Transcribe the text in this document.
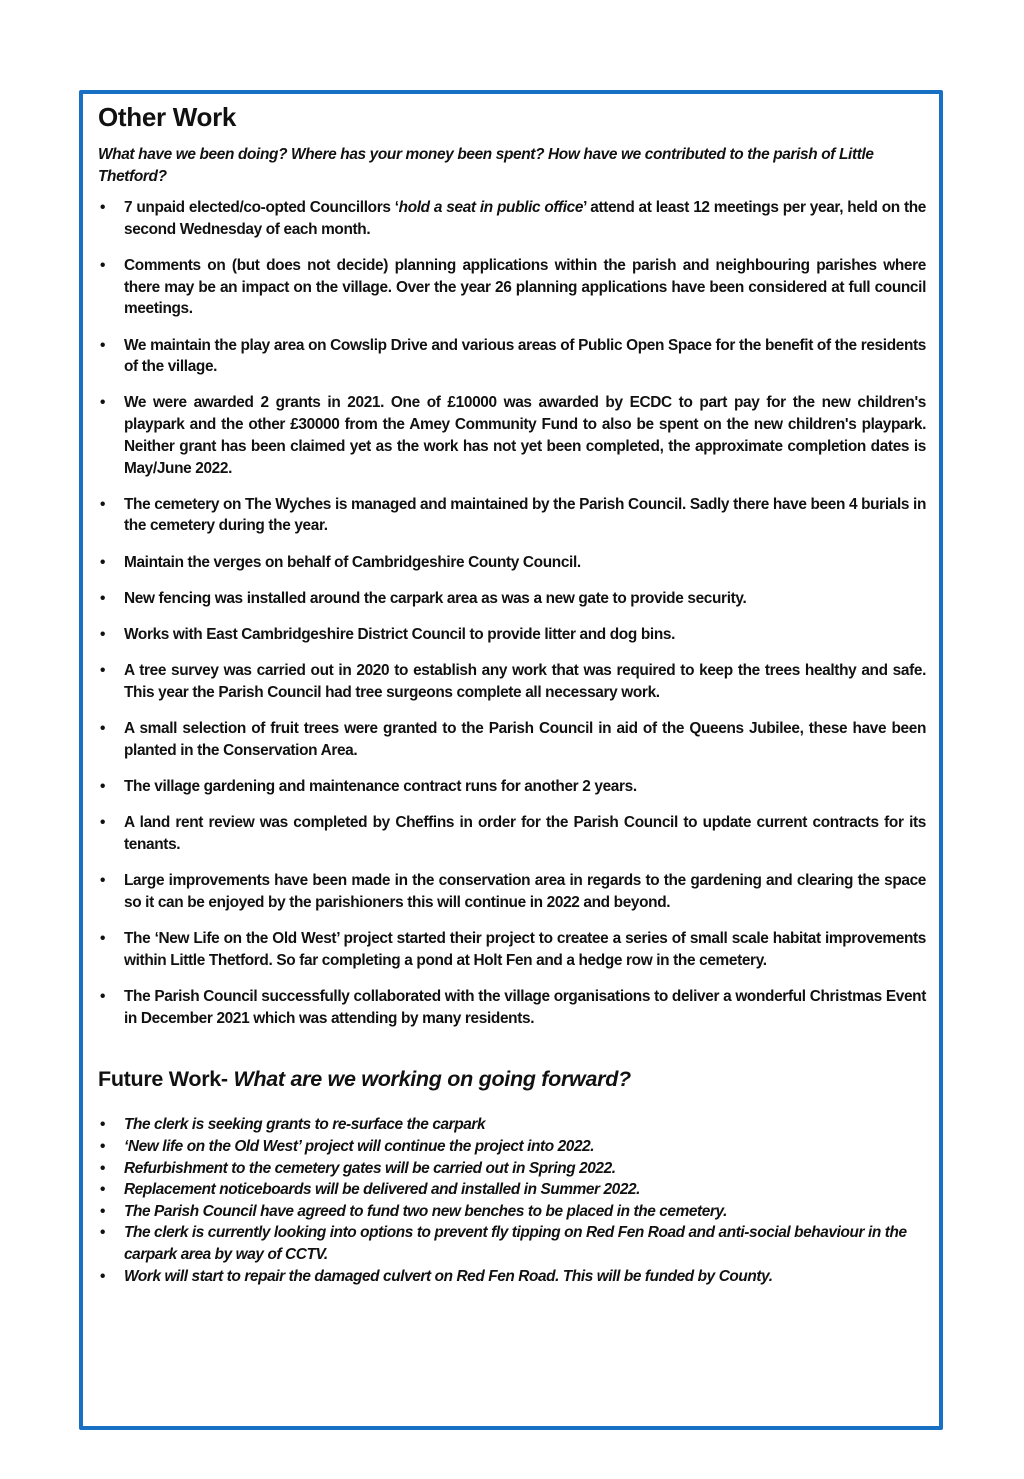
Other Work

What have we been doing? Where has your money been spent? How have we contributed to the parish of Little Thetford?

• 7 unpaid elected/co-opted Councillors ‘hold a seat in public office’ attend at least 12 meetings per year, held on the second Wednesday of each month.
• Comments on (but does not decide) planning applications within the parish and neighbouring parishes where there may be an impact on the village. Over the year 26 planning applications have been considered at full council meetings.
• We maintain the play area on Cowslip Drive and various areas of Public Open Space for the benefit of the residents of the village.
• We were awarded 2 grants in 2021. One of £10000 was awarded by ECDC to part pay for the new children's playpark and the other £30000 from the Amey Community Fund to also be spent on the new children's playpark. Neither grant has been claimed yet as the work has not yet been completed, the approximate completion dates is May/June 2022.
• The cemetery on The Wyches is managed and maintained by the Parish Council. Sadly there have been 4 burials in the cemetery during the year.
• Maintain the verges on behalf of Cambridgeshire County Council.
• New fencing was installed around the carpark area as was a new gate to provide security.
• Works with East Cambridgeshire District Council to provide litter and dog bins.
• A tree survey was carried out in 2020 to establish any work that was required to keep the trees healthy and safe. This year the Parish Council had tree surgeons complete all necessary work.
• A small selection of fruit trees were granted to the Parish Council in aid of the Queens Jubilee, these have been planted in the Conservation Area.
• The village gardening and maintenance contract runs for another 2 years.
• A land rent review was completed by Cheffins in order for the Parish Council to update current contracts for its tenants.
• Large improvements have been made in the conservation area in regards to the gardening and clearing the space so it can be enjoyed by the parishioners this will continue in 2022 and beyond.
• The ‘New Life on the Old West’ project started their project to createe a series of small scale habitat improvements within Little Thetford. So far completing a pond at Holt Fen and a hedge row in the cemetery.
• The Parish Council successfully collaborated with the village organisations to deliver a wonderful Christmas Event in December 2021 which was attending by many residents.
Future Work- What are we working on going forward?
• The clerk is seeking grants to re-surface the carpark
• ‘New life on the Old West’ project will continue the project into 2022.
• Refurbishment to the cemetery gates will be carried out in Spring 2022.
• Replacement noticeboards will be delivered and installed in Summer 2022.
• The Parish Council have agreed to fund two new benches to be placed in the cemetery.
• The clerk is currently looking into options to prevent fly tipping on Red Fen Road and anti-social behaviour in the carpark area by way of CCTV.
• Work will start to repair the damaged culvert on Red Fen Road. This will be funded by County.
